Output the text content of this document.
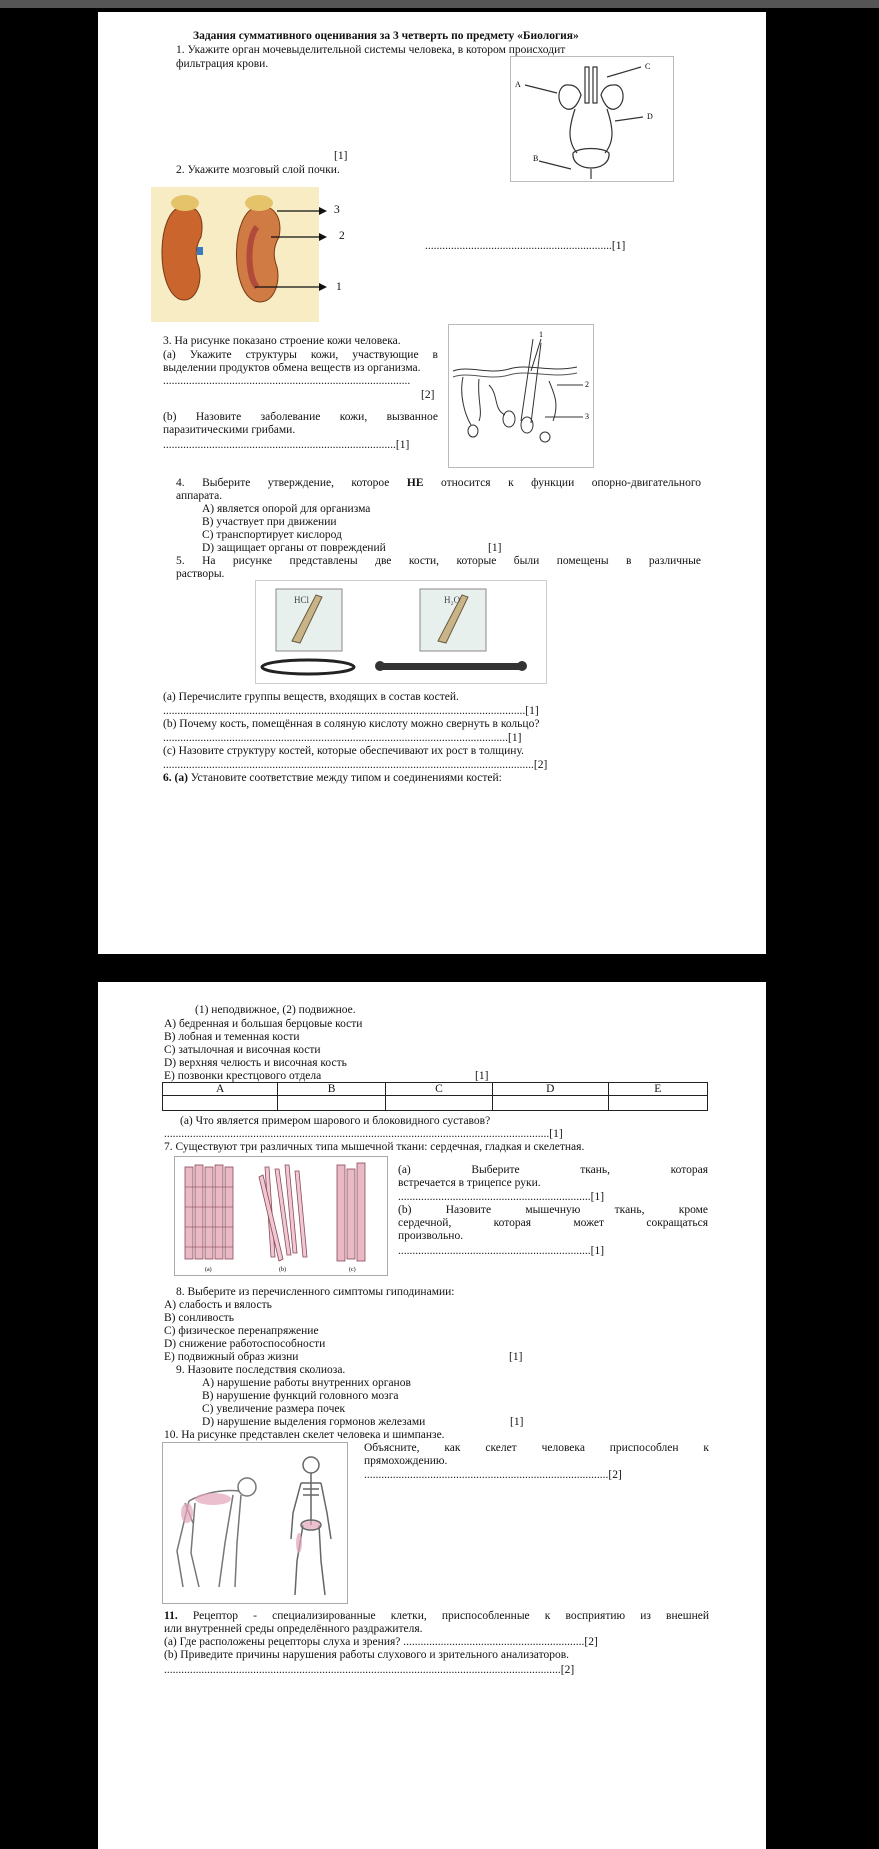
Задания суммативного оценивания за 3 четверть по предмету «Биология»
1. Укажите орган мочевыделительной системы человека, в котором происходит
фильтрация крови.
A
C
D
B
[1]
2. Укажите мозговый слой почки.
3
2
1
.................................................................[1]
3. На рисунке показано строение кожи человека.
(a) Укажите структуры кожи, участвующие в
выделении продуктов обмена веществ из организма.
......................................................................................
[2]
(b) Назовите заболевание кожи, вызванное
паразитическими грибами.
.................................................................................[1]
1
2
3
4. Выберите утверждение, которое НЕ относится к функции опорно-двигательного
аппарата.
A) является опорой для организма
B) участвует при движении
C) транспортирует кислород
D) защищает органы от повреждений	[1]
5. На рисунке представлены две кости, которые были помещены в различные
растворы.
HCl	H₂O
(a) Перечислите группы веществ, входящих в состав костей.
..............................................................................................................................[1]
(b) Почему кость, помещённая в соляную кислоту можно свернуть в кольцо?
........................................................................................................................[1]
(c) Назовите структуру костей, которые обеспечивают их рост в толщину.
.................................................................................................................................[2]
6. (a) Установите соответствие между типом и соединениями костей:
(1) неподвижное, (2) подвижное.
A) бедренная и большая берцовые кости
B) лобная и теменная кости
C) затылочная и височная кости
D) верхняя челюсть и височная кость
E) позвонки крестцового отдела	[1]
A	B	C	D	E

(a) Что является примером шарового и блоковидного суставов?
......................................................................................................................................[1]
7. Существуют три различных типа мышечной ткани: сердечная, гладкая и скелетная.
(a)	(b)	(c)
(a) Выберите ткань, которая
встречается в трицепсе руки.
...................................................................[1]
(b) Назовите мышечную ткань, кроме
сердечной, которая может сокращаться
произвольно.
...................................................................[1]
8. Выберите из перечисленного симптомы гиподинамии:
A) слабость и вялость
B) сонливость
C) физическое перенапряжение
D) снижение работоспособности
E) подвижный образ жизни	[1]
9. Назовите последствия сколиоза.
A) нарушение работы внутренних органов
B) нарушение функций головного мозга
C) увеличение размера почек
D) нарушение выделения гормонов железами	[1]
10. На рисунке представлен скелет человека и шимпанзе.
Объясните, как скелет человека приспособлен к
прямохождению.
.....................................................................................[2]
11. Рецептор - специализированные клетки, приспособленные к восприятию из внешней
или внутренней среды определённого раздражителя.
(a) Где расположены рецепторы слуха и зрения? ...............................................................[2]
(b) Приведите причины нарушения работы слухового и зрительного анализаторов.
..........................................................................................................................................[2]
